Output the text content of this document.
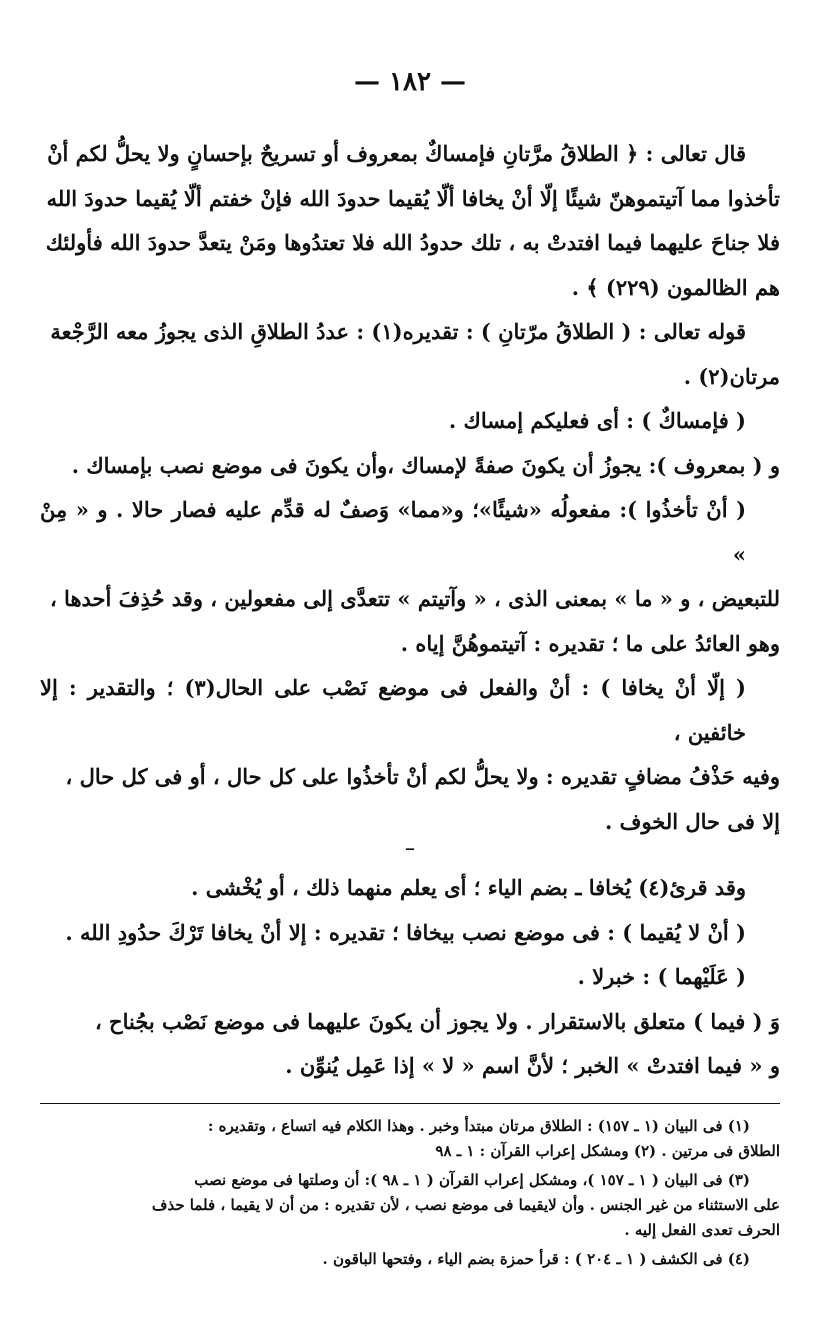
— ١٨٢ —

قال تعالى : ﴿ الطلاقُ مرَّتانِ فإمساكٌ بمعروف أو تسريحٌ بإحسانٍ ولا يحلُّ لكم أنْ
تأخذوا مما آتيتموهنّ شيئًا إلّا أنْ يخافا ألّا يُقيما حدودَ الله فإنْ خفتم ألّا يُقيما حدودَ الله
فلا جناحَ عليهما فيما افتدتْ به ، تلك حدودُ الله فلا تعتدُوها ومَنْ يتعدَّ حدودَ الله فأولئك
هم الظالمون (٢٢٩) ﴾ .

قوله تعالى : ( الطلاقُ مرّتانِ ) : تقديره(١) : عددُ الطلاقِ الذى يجوزُ معه الرَّجْعة
مرتان(٢) .

( فإمساكٌ ) : أى فعليكم إمساك .

و ( بمعروف ): يجوزُ أن يكونَ صفةً لإمساك ،وأن يكونَ فى موضع نصب بإمساك .

( أنْ تأخذُوا ): مفعولُه «شيئًا»؛ و«مما» وَصفٌ له قدِّم عليه فصار حالا . و « مِنْ »
للتبعيض ، و « ما » بمعنى الذى ، « وآتيتم » تتعدَّى إلى مفعولين ، وقد حُذِفَ أحدها ،
وهو العائدُ على ما ؛ تقديره : آتيتموهُنَّ إياه .

( إلّا أنْ يخافا ) : أنْ والفعل فى موضع نَصْب على الحال(٣) ؛ والتقدير : إلا خائفين ،
وفيه حَذْفُ مضافٍ تقديره : ولا يحلُّ لكم أنْ تأخذُوا على كل حال ، أو فى كل حال ،
إلا فى حال الخوف .

‒

وقد قرئ(٤) يُخافا ـ بضم الياء ؛ أى يعلم منهما ذلك ، أو يُخْشى .

( أنْ لا يُقيما ) : فى موضع نصب بيخافا ؛ تقديره : إلا أنْ يخافا تَرْكَ حدُودِ الله .

( عَلَيْهما ) : خبرلا .

وَ ( فيما ) متعلق بالاستقرار . ولا يجوز أن يكونَ عليهما فى موضع نَصْب بجُناح ،
و « فيما افتدتْ » الخبر ؛ لأنَّ اسم « لا » إذا عَمِل يُنوِّن .

(١) فى البيان (١ ـ ١٥٧) : الطلاق مرتان مبتدأ وخبر . وهذا الكلام فيه اتساع ، وتقديره :
الطلاق فى مرتين . (٢) ومشكل إعراب القرآن : ١ ـ ٩٨

(٣) فى البيان ( ١ ـ ١٥٧ )، ومشكل إعراب القرآن ( ١ ـ ٩٨ ): أن وصلتها فى موضع نصب
على الاستثناء من غير الجنس . وأن لايقيما فى موضع نصب ، لأن تقديره : من أن لا يقيما ، فلما حذف
الحرف تعدى الفعل إليه .

(٤) فى الكشف ( ١ ـ ٢٠٤ ) : قرأ حمزة بضم الياء ، وفتحها الباقون .
